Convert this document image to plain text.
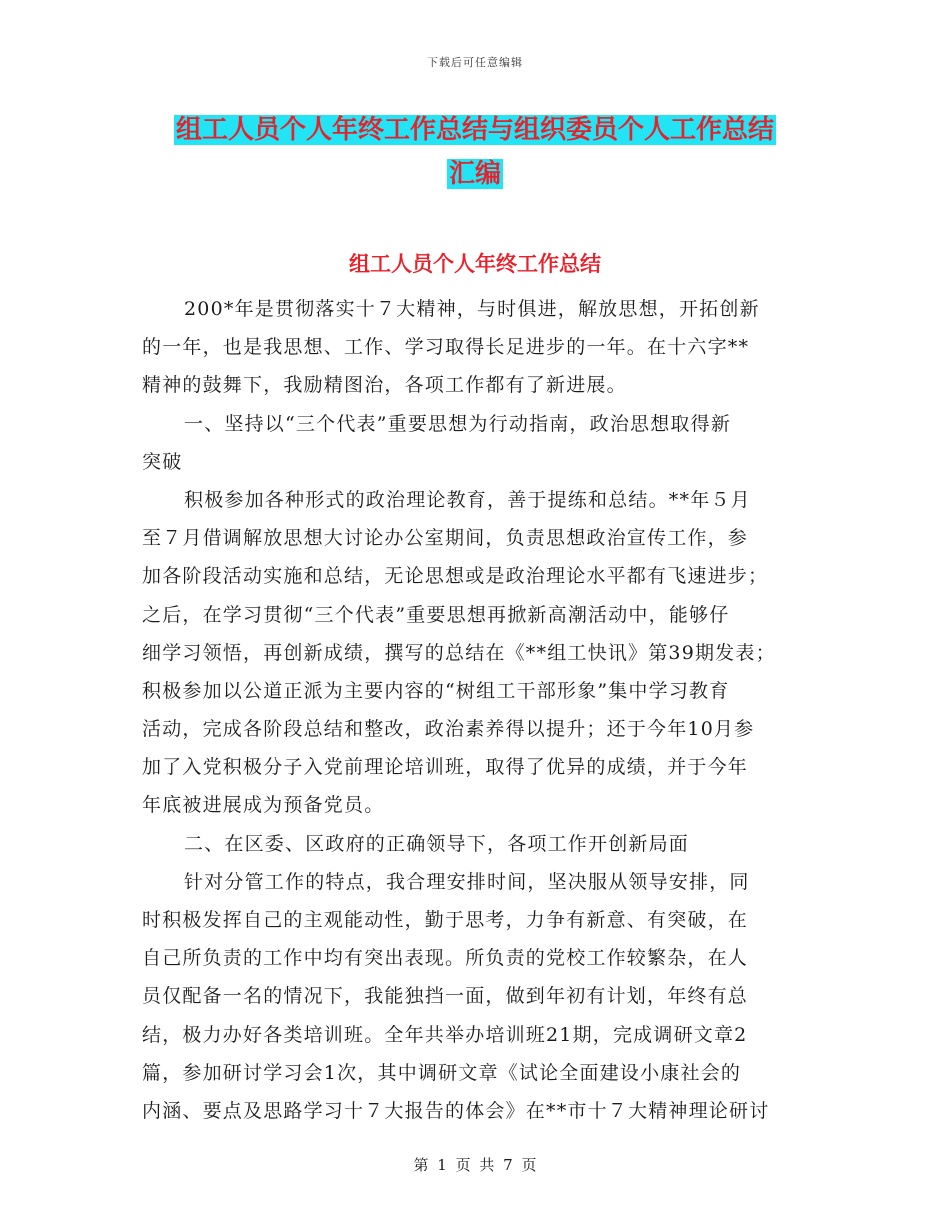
下载后可任意编辑
组工人员个人年终工作总结与组织委员个人工作总结
汇编
组工人员个人年终工作总结
200*年是贯彻落实十７大精神，与时俱进，解放思想，开拓创新
的一年，也是我思想、工作、学习取得长足进步的一年。在十六字**
精神的鼓舞下，我励精图治，各项工作都有了新进展。
一、坚持以“三个代表”重要思想为行动指南，政治思想取得新
突破
积极参加各种形式的政治理论教育，善于提练和总结。**年５月
至７月借调解放思想大讨论办公室期间，负责思想政治宣传工作，参
加各阶段活动实施和总结，无论思想或是政治理论水平都有飞速进步；
之后，在学习贯彻“三个代表”重要思想再掀新高潮活动中，能够仔
细学习领悟，再创新成绩，撰写的总结在《**组工快讯》第39期发表；
积极参加以公道正派为主要内容的“树组工干部形象”集中学习教育
活动，完成各阶段总结和整改，政治素养得以提升；还于今年10月参
加了入党积极分子入党前理论培训班，取得了优异的成绩，并于今年
年底被进展成为预备党员。
二、在区委、区政府的正确领导下，各项工作开创新局面
针对分管工作的特点，我合理安排时间，坚决服从领导安排，同
时积极发挥自己的主观能动性，勤于思考，力争有新意、有突破，在
自己所负责的工作中均有突出表现。所负责的党校工作较繁杂，在人
员仅配备一名的情况下，我能独挡一面，做到年初有计划，年终有总
结，极力办好各类培训班。全年共举办培训班21期，完成调研文章2
篇，参加研讨学习会1次，其中调研文章《试论全面建设小康社会的
内涵、要点及思路学习十７大报告的体会》在**市十７大精神理论研讨
第 1 页 共 7 页
